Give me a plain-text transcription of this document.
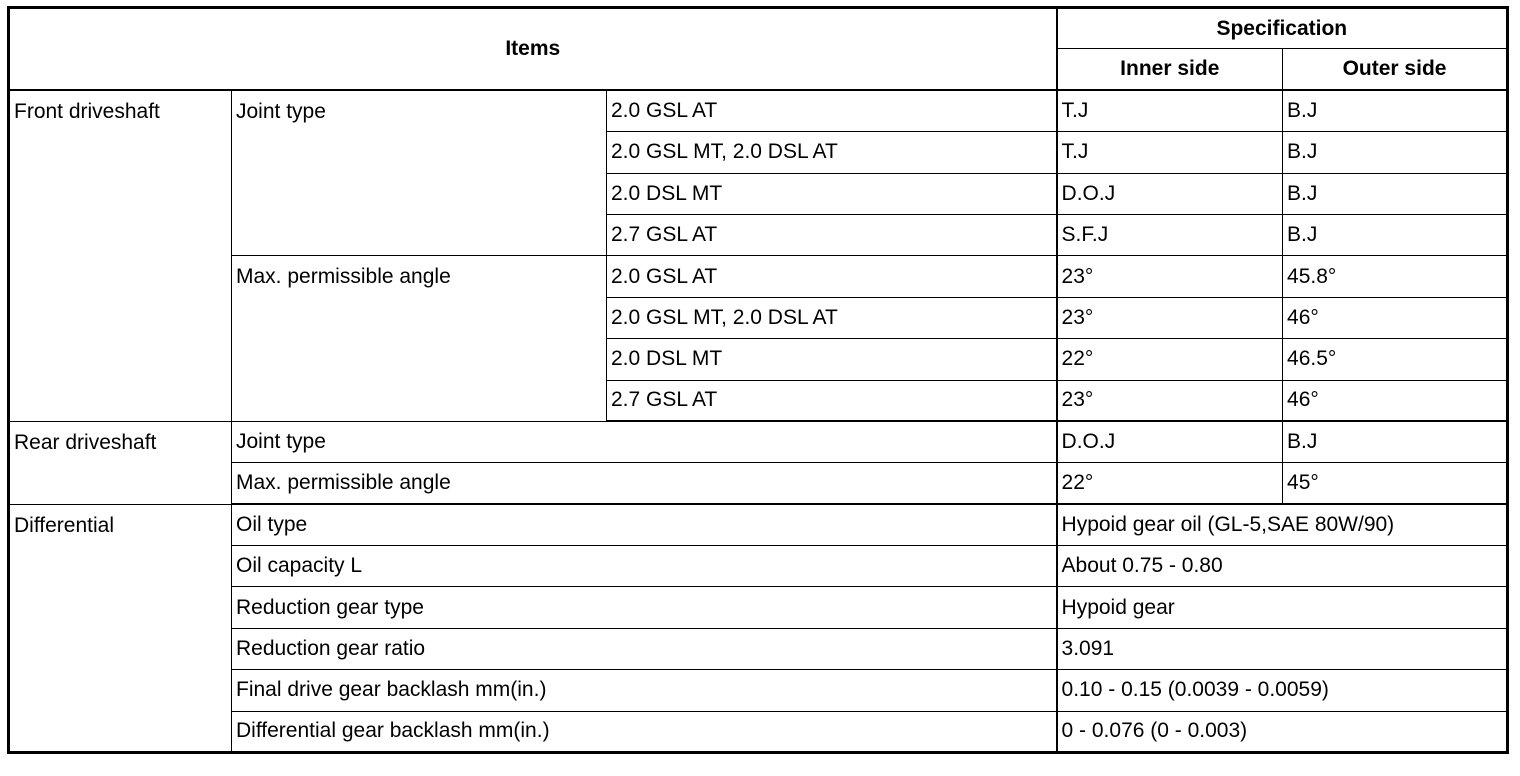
Items			Specification	
			Inner side	Outer side
Front driveshaft	Joint type	2.0 GSL AT	T.J	B.J
		2.0 GSL MT, 2.0 DSL AT	T.J	B.J
		2.0 DSL MT	D.O.J	B.J
		2.7 GSL AT	S.F.J	B.J
	Max. permissible angle	2.0 GSL AT	23°	45.8°
		2.0 GSL MT, 2.0 DSL AT	23°	46°
		2.0 DSL MT	22°	46.5°
		2.7 GSL AT	23°	46°
Rear driveshaft	Joint type		D.O.J	B.J
	Max. permissible angle		22°	45°
Differential	Oil type		Hypoid gear oil (GL-5,SAE 80W/90)	
	Oil capacity L		About 0.75 - 0.80	
	Reduction gear type		Hypoid gear	
	Reduction gear ratio		3.091	
	Final drive gear backlash mm(in.)		0.10 - 0.15 (0.0039 - 0.0059)	
	Differential gear backlash mm(in.)		0 - 0.076 (0 - 0.003)	
